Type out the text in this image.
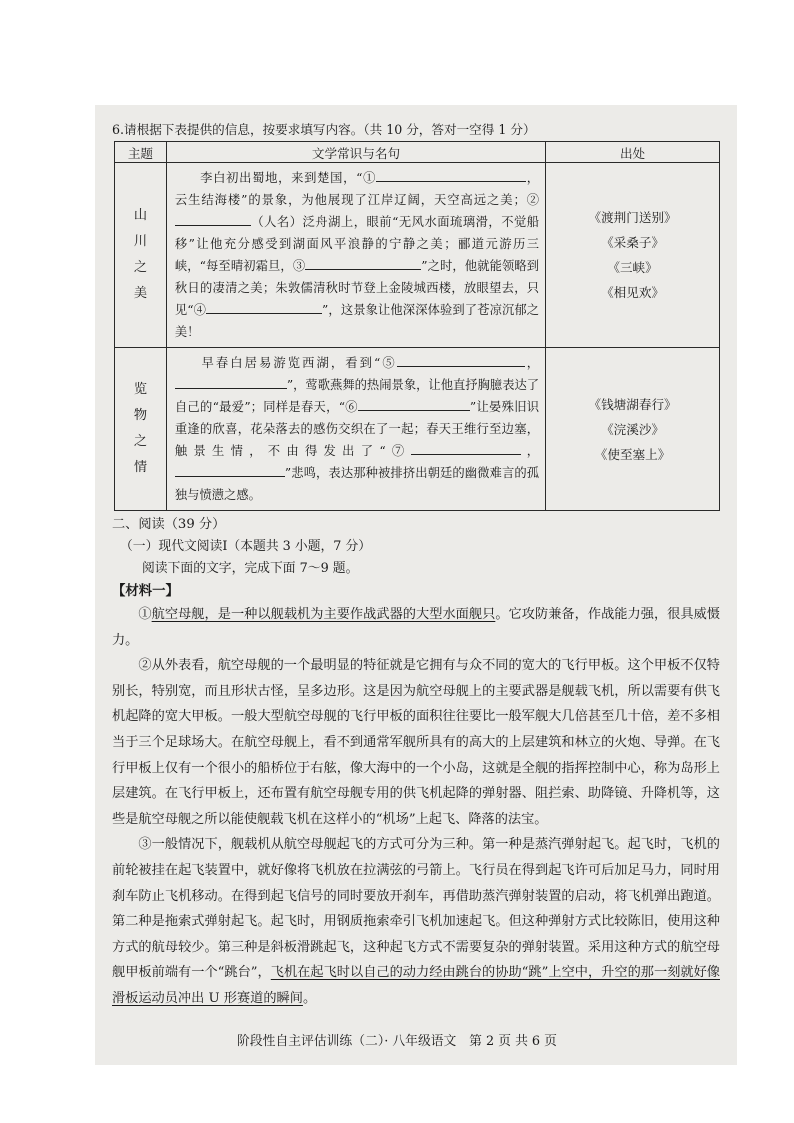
6.请根据下表提供的信息，按要求填写内容。（共 10 分，答对一空得 1 分）

主题	文学常识与名句	出处

山
川
之
美	李白初出蜀地，来到楚国，“① ，云生结海楼”的景象，为他展现了江岸辽阔，天空高远之美；②（人名）泛舟湖上，眼前“无风水面琉璃滑，不觉船移”让他充分感受到湖面风平浪静的宁静之美；郦道元游历三峡，“每至晴初霜旦，③ ”之时，他就能领略到秋日的凄清之美；朱敦儒清秋时节登上金陵城西楼，放眼望去，只见“④ ”，这景象让他深深体验到了苍凉沉郁之美！	《渡荆门送别》
《采桑子》
《三峡》
《相见欢》

览
物
之
情	早春白居易游览西湖，看到“⑤ ，”，莺歌燕舞的热闹景象，让他直抒胸臆表达了自己的“最爱”；同样是春天，“⑥ ”让晏殊旧识重逢的欣喜，花朵落去的感伤交织在了一起；春天王维行至边塞，触景生情，不由得发出了“⑦ ，”悲鸣，表达那种被排挤出朝廷的幽微难言的孤独与愤懑之感。	《钱塘湖春行》
《浣溪沙》
《使至塞上》

二、阅读（39 分）

（一）现代文阅读Ⅰ（本题共 3 小题，7 分）

阅读下面的文字，完成下面 7～9 题。

【材料一】

①航空母舰，是一种以舰载机为主要作战武器的大型水面舰只。它攻防兼备，作战能力强，很具威慑力。

②从外表看，航空母舰的一个最明显的特征就是它拥有与众不同的宽大的飞行甲板。这个甲板不仅特别长，特别宽，而且形状古怪，呈多边形。这是因为航空母舰上的主要武器是舰载飞机，所以需要有供飞机起降的宽大甲板。一般大型航空母舰的飞行甲板的面积往往要比一般军舰大几倍甚至几十倍，差不多相当于三个足球场大。在航空母舰上，看不到通常军舰所具有的高大的上层建筑和林立的火炮、导弹。在飞行甲板上仅有一个很小的船桥位于右舷，像大海中的一个小岛，这就是全舰的指挥控制中心，称为岛形上层建筑。在飞行甲板上，还布置有航空母舰专用的供飞机起降的弹射器、阻拦索、助降镜、升降机等，这些是航空母舰之所以能使舰载飞机在这样小的“机场”上起飞、降落的法宝。

③一般情况下，舰载机从航空母舰起飞的方式可分为三种。第一种是蒸汽弹射起飞。起飞时，飞机的前轮被挂在起飞装置中，就好像将飞机放在拉满弦的弓箭上。飞行员在得到起飞许可后加足马力，同时用刹车防止飞机移动。在得到起飞信号的同时要放开刹车，再借助蒸汽弹射装置的启动，将飞机弹出跑道。第二种是拖索式弹射起飞。起飞时，用钢质拖索牵引飞机加速起飞。但这种弹射方式比较陈旧，使用这种方式的航母较少。第三种是斜板滑跳起飞，这种起飞方式不需要复杂的弹射装置。采用这种方式的航空母舰甲板前端有一个“跳台”，飞机在起飞时以自己的动力经由跳台的协助“跳”上空中，升空的那一刻就好像滑板运动员冲出 U 形赛道的瞬间。

阶段性自主评估训练（二）· 八年级语文　第 2 页 共 6 页
